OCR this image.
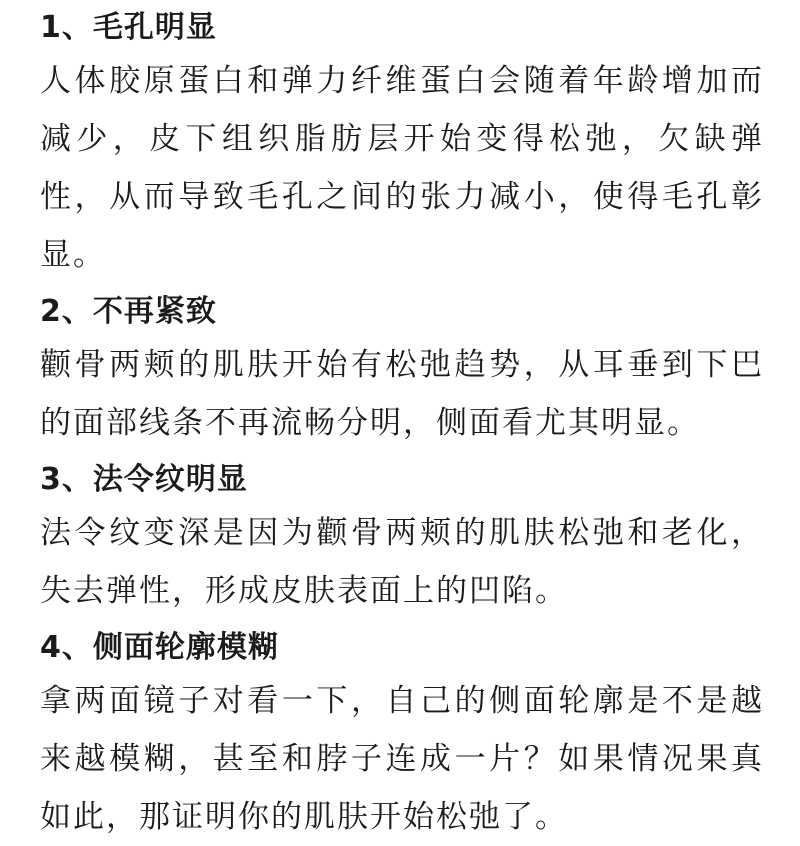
1、毛孔明显

人体胶原蛋白和弹力纤维蛋白会随着年龄增加而减少，皮下组织脂肪层开始变得松弛，欠缺弹性，从而导致毛孔之间的张力减小，使得毛孔彰显。

2、不再紧致

颧骨两颊的肌肤开始有松弛趋势，从耳垂到下巴的面部线条不再流畅分明，侧面看尤其明显。

3、法令纹明显

法令纹变深是因为颧骨两颊的肌肤松弛和老化，失去弹性，形成皮肤表面上的凹陷。

4、侧面轮廓模糊

拿两面镜子对看一下，自己的侧面轮廓是不是越来越模糊，甚至和脖子连成一片？如果情况果真如此，那证明你的肌肤开始松弛了。
